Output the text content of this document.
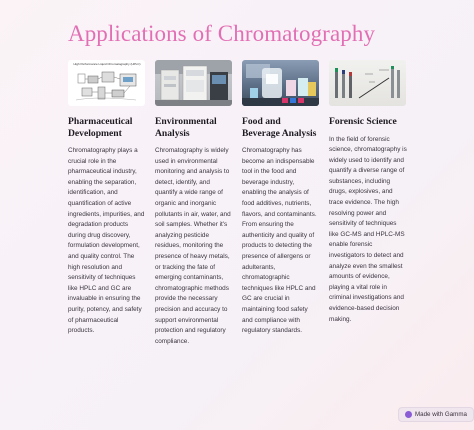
Applications of Chromatography
High Performance Liquid Chromatography (HPLC)
Pharmaceutical Development
Chromatography plays a crucial role in the pharmaceutical industry, enabling the separation, identification, and quantification of active ingredients, impurities, and degradation products during drug discovery, formulation development, and quality control. The high resolution and sensitivity of techniques like HPLC and GC are invaluable in ensuring the purity, potency, and safety of pharmaceutical products.
Environmental Analysis
Chromatography is widely used in environmental monitoring and analysis to detect, identify, and quantify a wide range of organic and inorganic pollutants in air, water, and soil samples. Whether it's analyzing pesticide residues, monitoring the presence of heavy metals, or tracking the fate of emerging contaminants, chromatographic methods provide the necessary precision and accuracy to support environmental protection and regulatory compliance.
Food and Beverage Analysis
Chromatography has become an indispensable tool in the food and beverage industry, enabling the analysis of food additives, nutrients, flavors, and contaminants. From ensuring the authenticity and quality of products to detecting the presence of allergens or adulterants, chromatographic techniques like HPLC and GC are crucial in maintaining food safety and compliance with regulatory standards.
Forensic Science
In the field of forensic science, chromatography is widely used to identify and quantify a diverse range of substances, including drugs, explosives, and trace evidence. The high resolving power and sensitivity of techniques like GC-MS and HPLC-MS enable forensic investigators to detect and analyze even the smallest amounts of evidence, playing a vital role in criminal investigations and evidence-based decision making.
Made with Gamma
